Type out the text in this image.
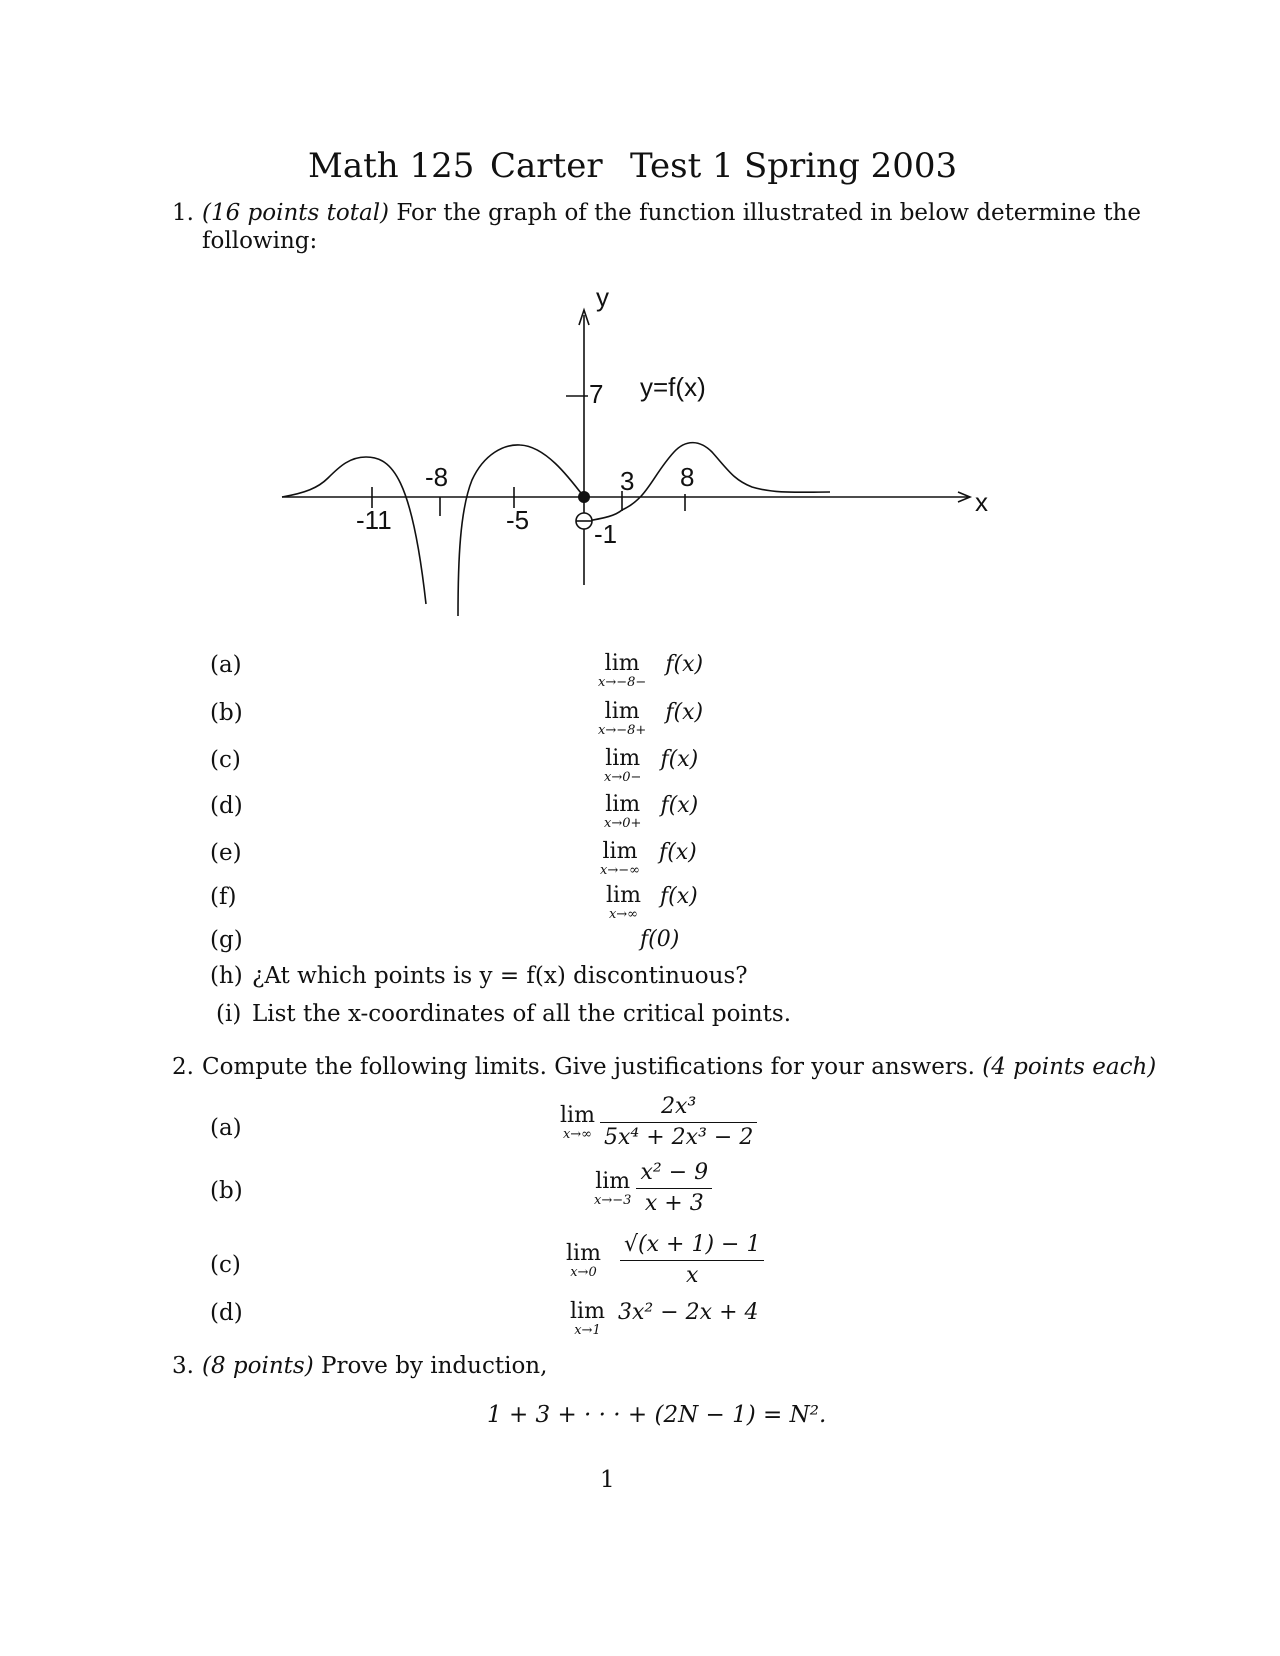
Math 125 Carter Test 1 Spring 2003
1. (16 points total) For the graph of the function illustrated in below determine the
following:
y
x
y=f(x)
-11
-8
-5
3 8
7
-1
(a)	lim
x→−8−
f(x)
(b)	lim
x→−8+
f(x)
(c)	lim
x→0−
f(x)
(d)	lim
x→0+
f(x)
(e)	lim
x→−∞
f(x)
(f)	lim
x→∞
f(x)
(g)	f(0)
(h) ¿At which points is y = f(x) discontinuous?
(i) List the x-coordinates of all the critical points.
2. Compute the following limits. Give justifications for your answers. (4 points each)
(a)	lim
x→∞
$\frac{\text{2x³}}{\text{5x⁴ + 2x³ − 2}}$
(b)	lim
x→−3
$\frac{\text{x² − 9}}{x + 3}$
(c)	lim
x→0
$\frac{√(x + 1) - 1}{x}$
(d)	lim
x→1
3x² − 2x + 4
3. (8 points) Prove by induction,
1 + 3 + · · · + (2N − 1) = N².
1
